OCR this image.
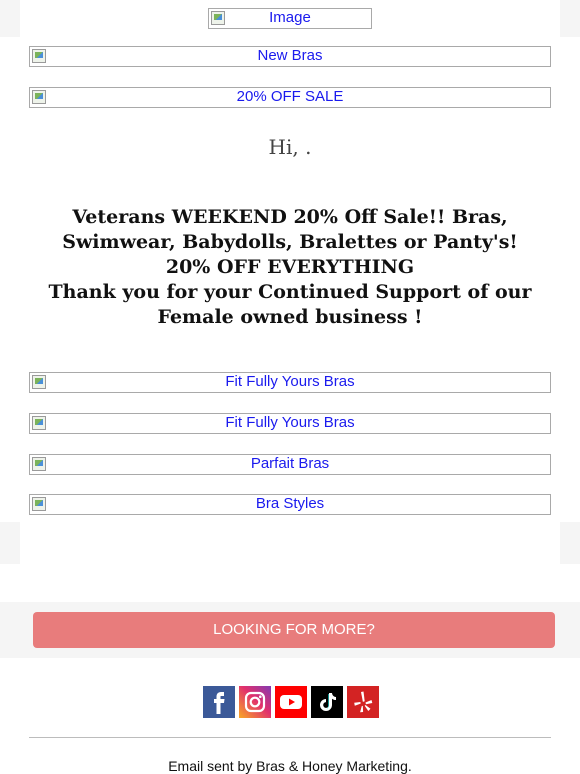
Image
New Bras
20% OFF SALE
Hi, .
Veterans WEEKEND 20% Off Sale!! Bras,
Swimwear, Babydolls, Bralettes or Panty's!
20% OFF EVERYTHING
Thank you for your Continued Support of our
Female owned business !
Fit Fully Yours Bras
Fit Fully Yours Bras
Parfait Bras
Bra Styles
LOOKING FOR MORE?
Email sent by Bras & Honey Marketing.
